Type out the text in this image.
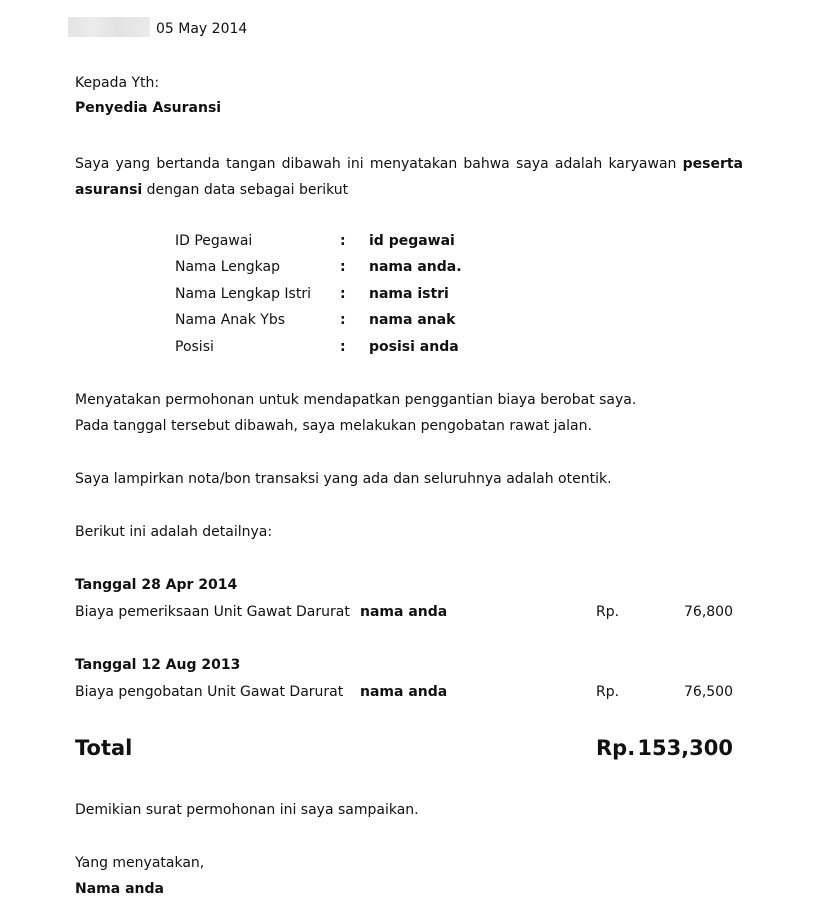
05 May 2014
Kepada Yth:
Penyedia Asuransi
Saya yang bertanda tangan dibawah ini menyatakan bahwa saya adalah karyawan peserta asuransi dengan data sebagai berikut
ID Pegawai	: id pegawai
Nama Lengkap	: nama anda.
Nama Lengkap Istri : nama istri
Nama Anak Ybs	: nama anak
Posisi	: posisi anda
Menyatakan permohonan untuk mendapatkan penggantian biaya berobat saya.
Pada tanggal tersebut dibawah, saya melakukan pengobatan rawat jalan.
Saya lampirkan nota/bon transaksi yang ada dan seluruhnya adalah otentik.
Berikut ini adalah detailnya:
Tanggal 28 Apr 2014
Biaya pemeriksaan Unit Gawat Darurat nama anda	Rp.	76,800
Tanggal 12 Aug 2013
Biaya pengobatan Unit Gawat Darurat nama anda	Rp.	76,500
Total	Rp. 153,300
Demikian surat permohonan ini saya sampaikan.
Yang menyatakan,
Nama anda
